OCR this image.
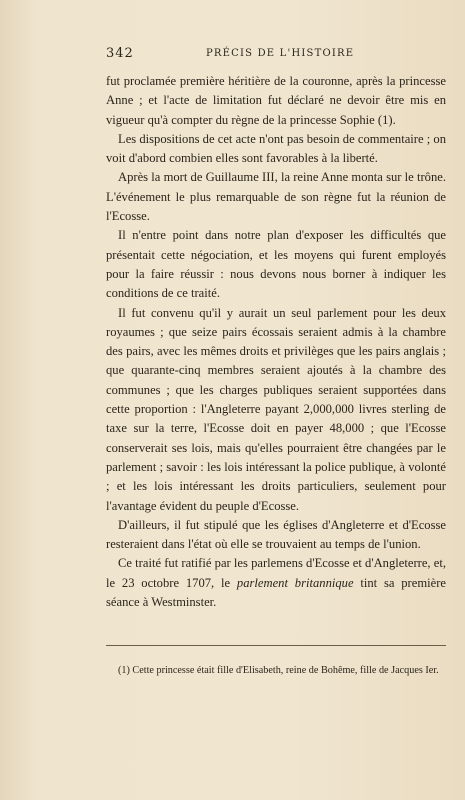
342	PRÉCIS DE L'HISTOIRE

fut proclamée première héritière de la couronne, après la princesse Anne ; et l'acte de limitation fut déclaré ne devoir être mis en vigueur qu'à compter du règne de la princesse Sophie (1).

Les dispositions de cet acte n'ont pas besoin de commentaire ; on voit d'abord combien elles sont favorables à la liberté.

Après la mort de Guillaume III, la reine Anne monta sur le trône. L'événement le plus remarquable de son règne fut la réunion de l'Ecosse.

Il n'entre point dans notre plan d'exposer les difficultés que présentait cette négociation, et les moyens qui furent employés pour la faire réussir : nous devons nous borner à indiquer les conditions de ce traité.

Il fut convenu qu'il y aurait un seul parlement pour les deux royaumes ; que seize pairs écossais seraient admis à la chambre des pairs, avec les mêmes droits et privilèges que les pairs anglais ; que quarante-cinq membres seraient ajoutés à la chambre des communes ; que les charges publiques seraient supportées dans cette proportion : l'Angleterre payant 2,000,000 livres sterling de taxe sur la terre, l'Ecosse doit en payer 48,000 ; que l'Ecosse conserverait ses lois, mais qu'elles pourraient être changées par le parlement ; savoir : les lois intéressant la police publique, à volonté ; et les lois intéressant les droits particuliers, seulement pour l'avantage évident du peuple d'Ecosse.

D'ailleurs, il fut stipulé que les églises d'Angleterre et d'Ecosse resteraient dans l'état où elle se trouvaient au temps de l'union.

Ce traité fut ratifié par les parlemens d'Ecosse et d'Angleterre, et, le 23 octobre 1707, le parlement britannique tint sa première séance à Westminster.

(1) Cette princesse était fille d'Elisabeth, reine de Bohême, fille de Jacques Ier.
